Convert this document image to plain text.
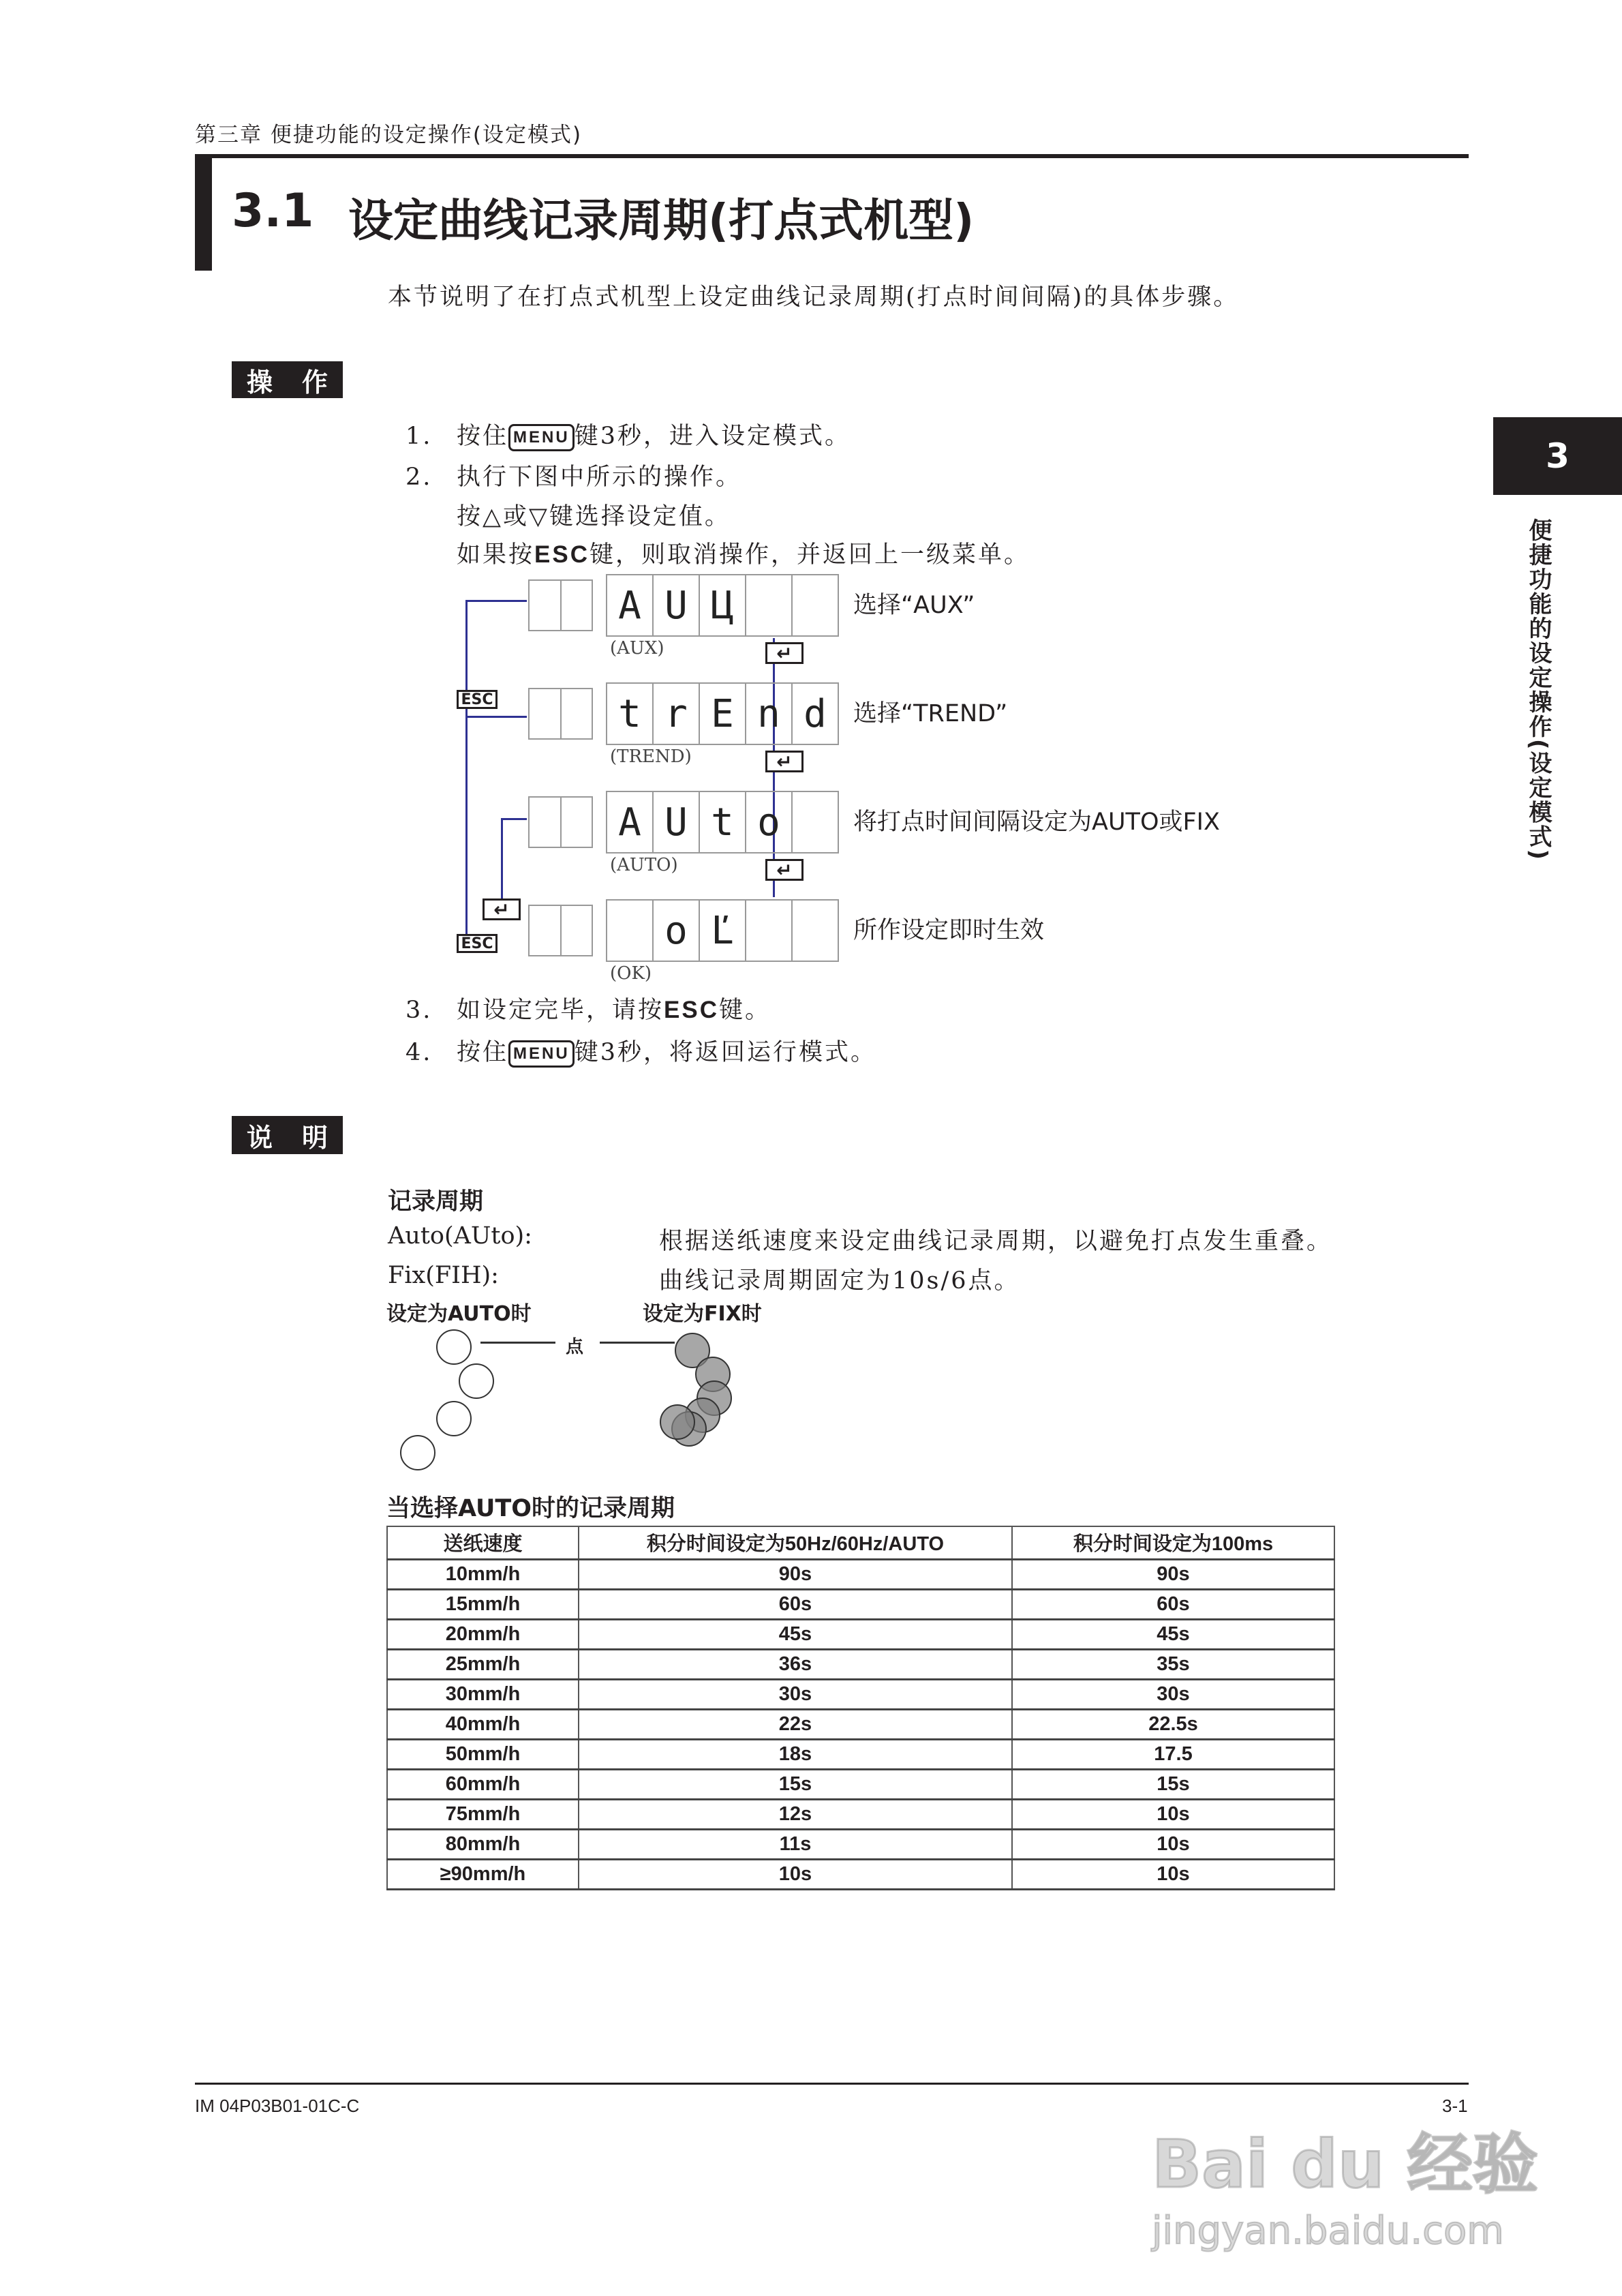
第三章 便捷功能的设定操作(设定模式)
3.1 设定曲线记录周期(打点式机型)
本节说明了在打点式机型上设定曲线记录周期(打点时间间隔)的具体步骤。
3
便捷功能的设定操作(设定模式)
操 作
1. 按住 MENU 键3秒，进入设定模式。
2. 执行下图中所示的操作。
按△或▽键选择设定值。
如果按ESC键，则取消操作，并返回上一级菜单。
ESC
ESC
↵
A U Ц
(AUX)
选择“AUX”
↵
t r E n d
(TREND)
选择“TREND”
↵
A U t o
(AUTO)
将打点时间间隔设定为AUTO或FIX
↵
o Ľ
(OK)
所作设定即时生效
3. 如设定完毕，请按ESC键。
4. 按住 MENU 键3秒，将返回运行模式。
说 明
记录周期
Auto(AUto):	根据送纸速度来设定曲线记录周期，以避免打点发生重叠。
Fix(FIH):	曲线记录周期固定为10s/6点。
设定为AUTO时	设定为FIX时
点
当选择AUTO时的记录周期
送纸速度	积分时间设定为50Hz/60Hz/AUTO	积分时间设定为100ms
10mm/h	90s	90s
15mm/h	60s	60s
20mm/h	45s	45s
25mm/h	36s	35s
30mm/h	30s	30s
40mm/h	22s	22.5s
50mm/h	18s	17.5
60mm/h	15s	15s
75mm/h	12s	10s
80mm/h	11s	10s
≥90mm/h	10s	10s
IM 04P03B01-01C-C	3-1
Bai du 经验
jingyan.baidu.com
